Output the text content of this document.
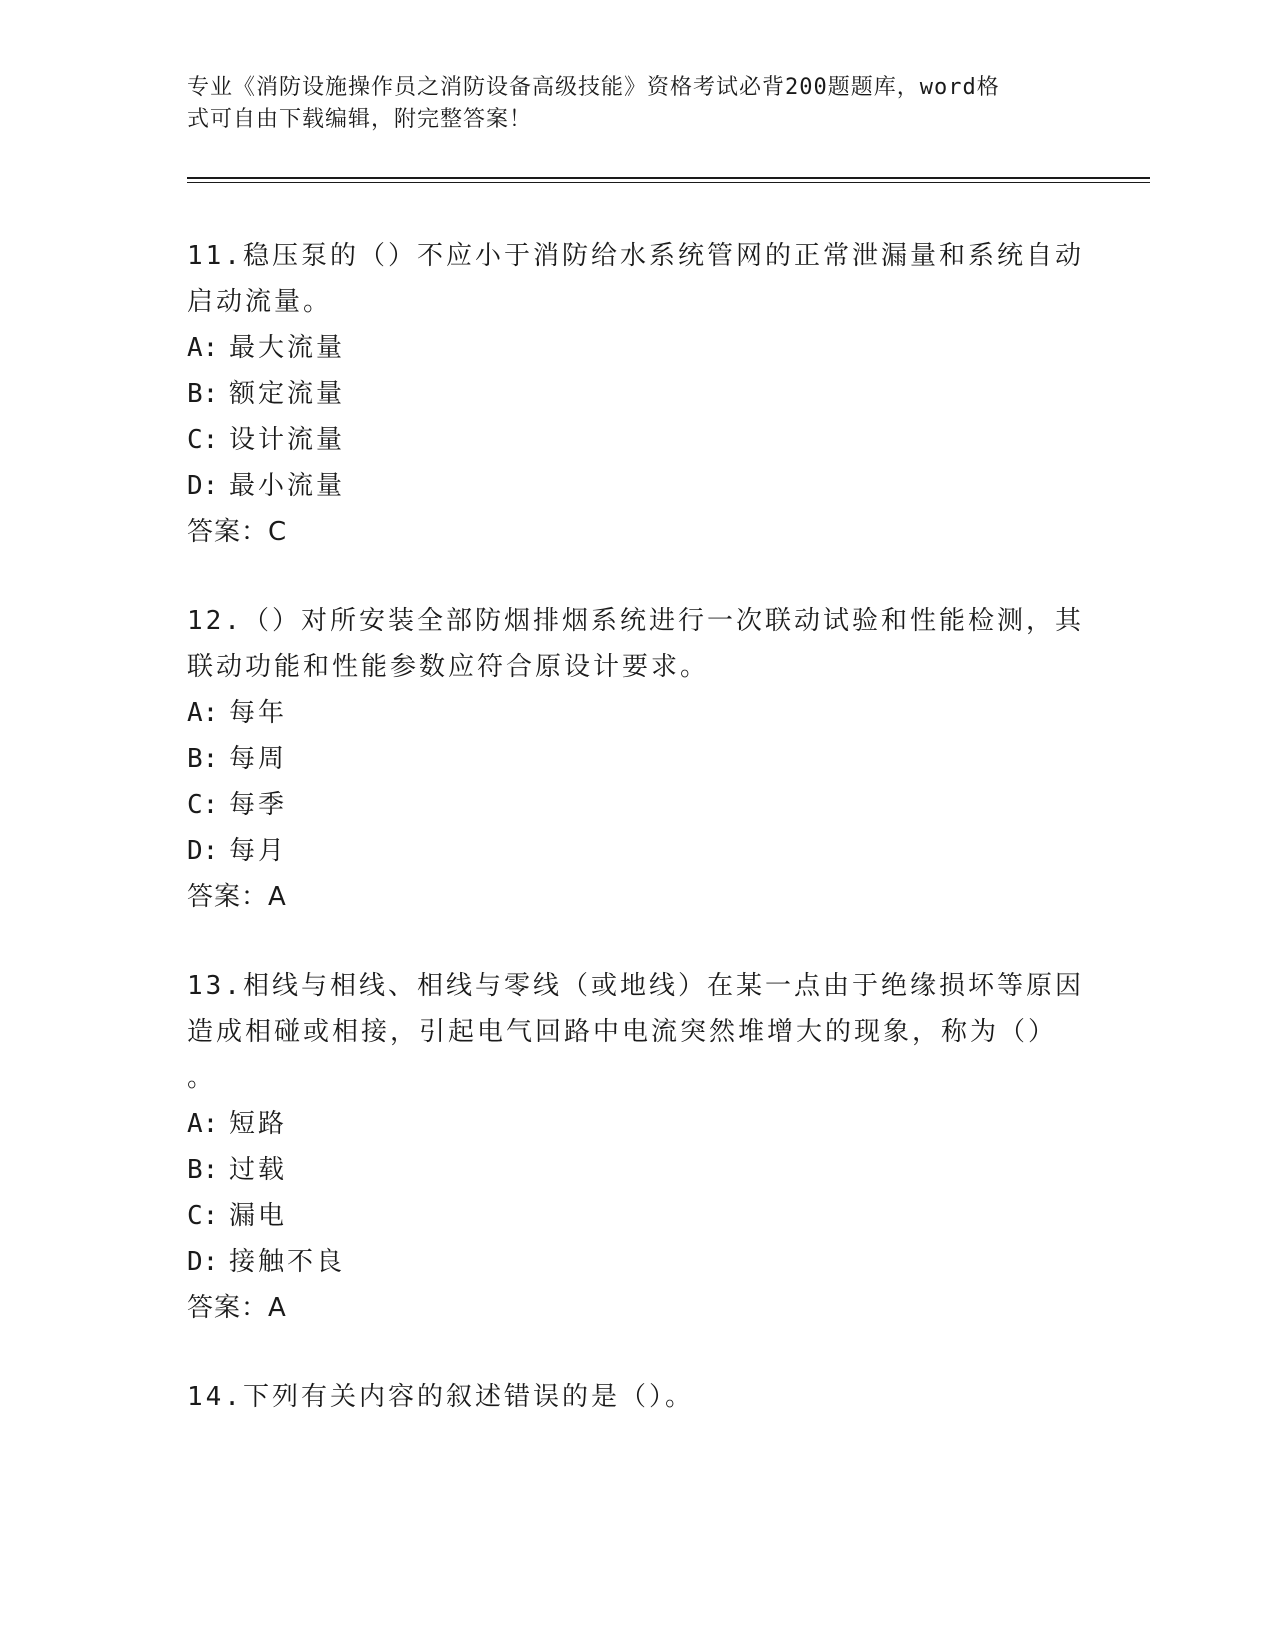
专业《消防设施操作员之消防设备高级技能》资格考试必背200题题库，word格
式可自由下载编辑，附完整答案！

11.稳压泵的（）不应小于消防给水系统管网的正常泄漏量和系统自动

启动流量。

A: 最大流量

B: 额定流量

C: 设计流量

D: 最小流量

答案：C

12.（）对所安装全部防烟排烟系统进行一次联动试验和性能检测，其

联动功能和性能参数应符合原设计要求。

A: 每年

B: 每周

C: 每季

D: 每月

答案：A

13.相线与相线、相线与零线（或地线）在某一点由于绝缘损坏等原因

造成相碰或相接，引起电气回路中电流突然堆增大的现象，称为（）

。

A: 短路

B: 过载

C: 漏电

D: 接触不良

答案：A

14.下列有关内容的叙述错误的是（）。
